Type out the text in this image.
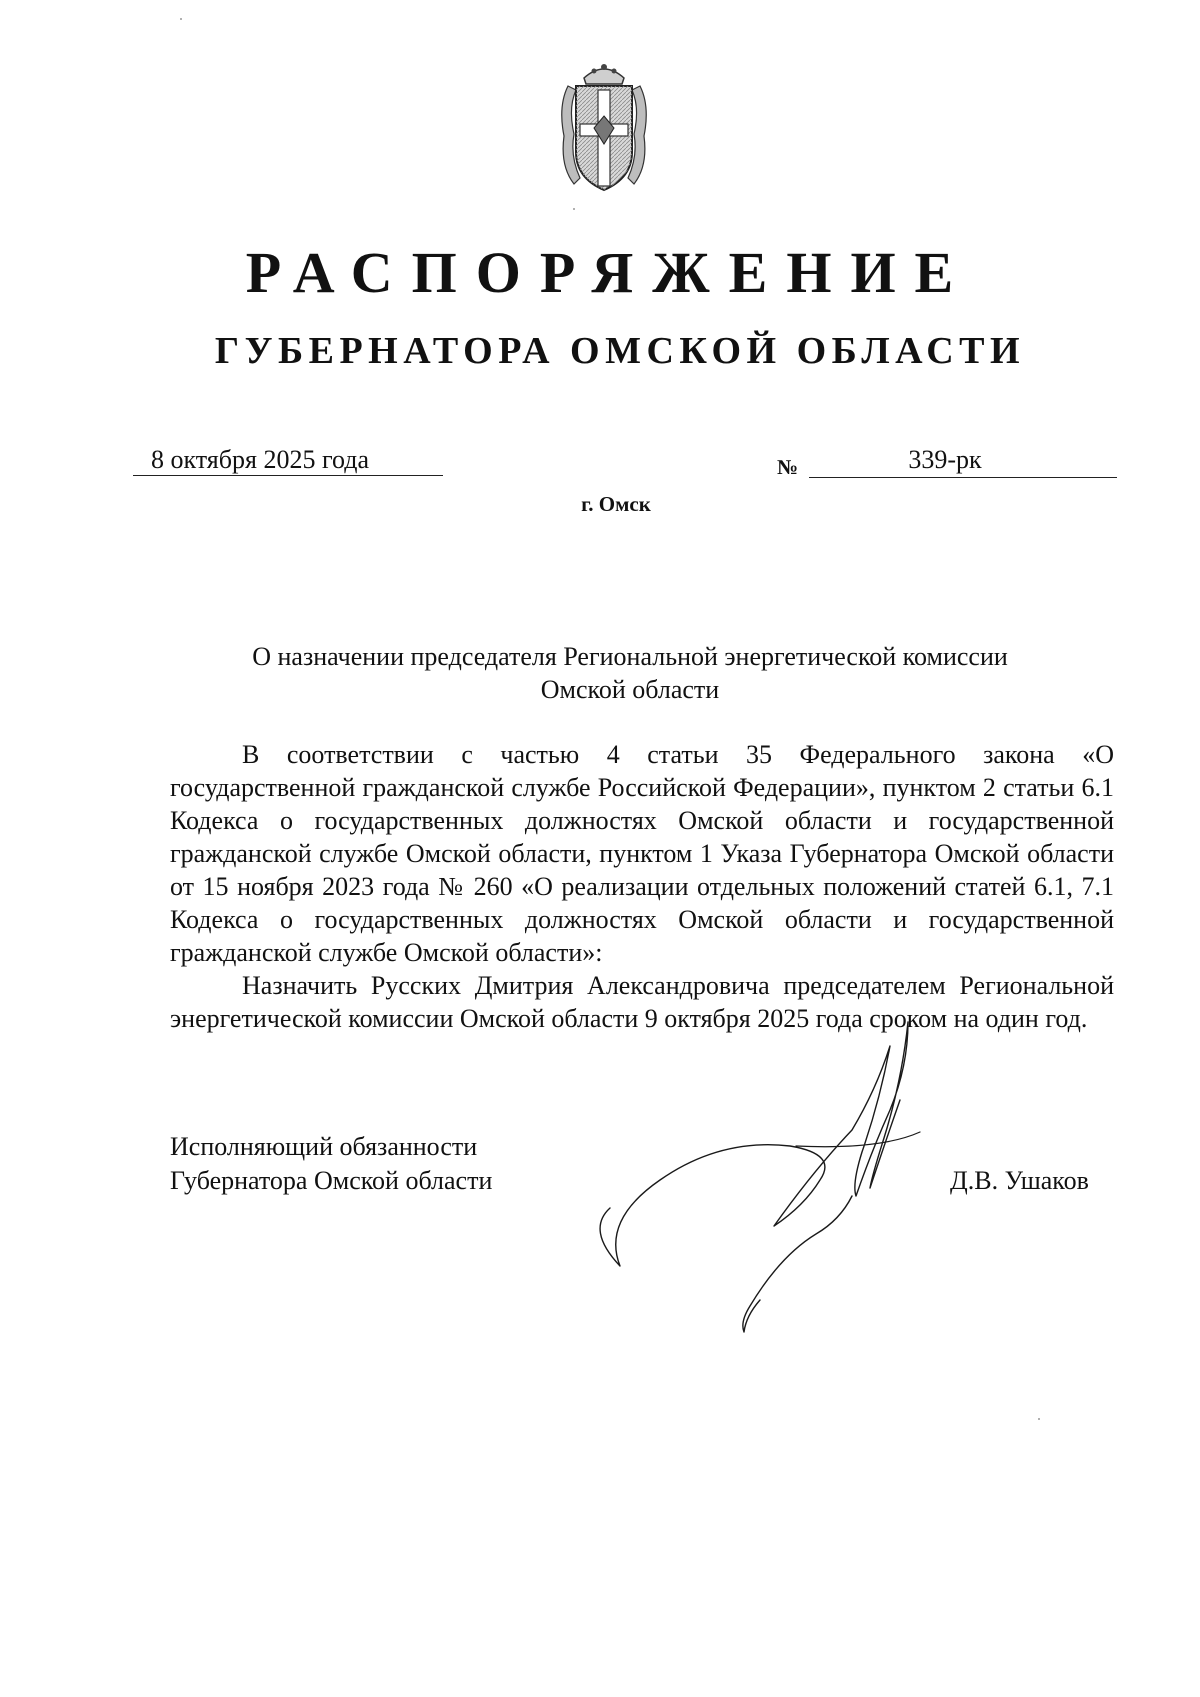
РАСПОРЯЖЕНИЕ
ГУБЕРНАТОРА ОМСКОЙ ОБЛАСТИ
8 октября 2025 года	№	339-рк
г. Омск
О назначении председателя Региональной энергетической комиссии
Омской области

В соответствии с частью 4 статьи 35 Федерального закона «О государственной гражданской службе Российской Федерации», пунктом 2 статьи 6.1 Кодекса о государственных должностях Омской области и государственной гражданской службе Омской области, пунктом 1 Указа Губернатора Омской области от 15 ноября 2023 года № 260 «О реализации отдельных положений статей 6.1, 7.1 Кодекса о государственных должностях Омской области и государственной гражданской службе Омской области»:

Назначить Русских Дмитрия Александровича председателем Региональной энергетической комиссии Омской области 9 октября 2025 года сроком на один год.

Исполняющий обязанности
Губернатора Омской области	Д.В. Ушаков
